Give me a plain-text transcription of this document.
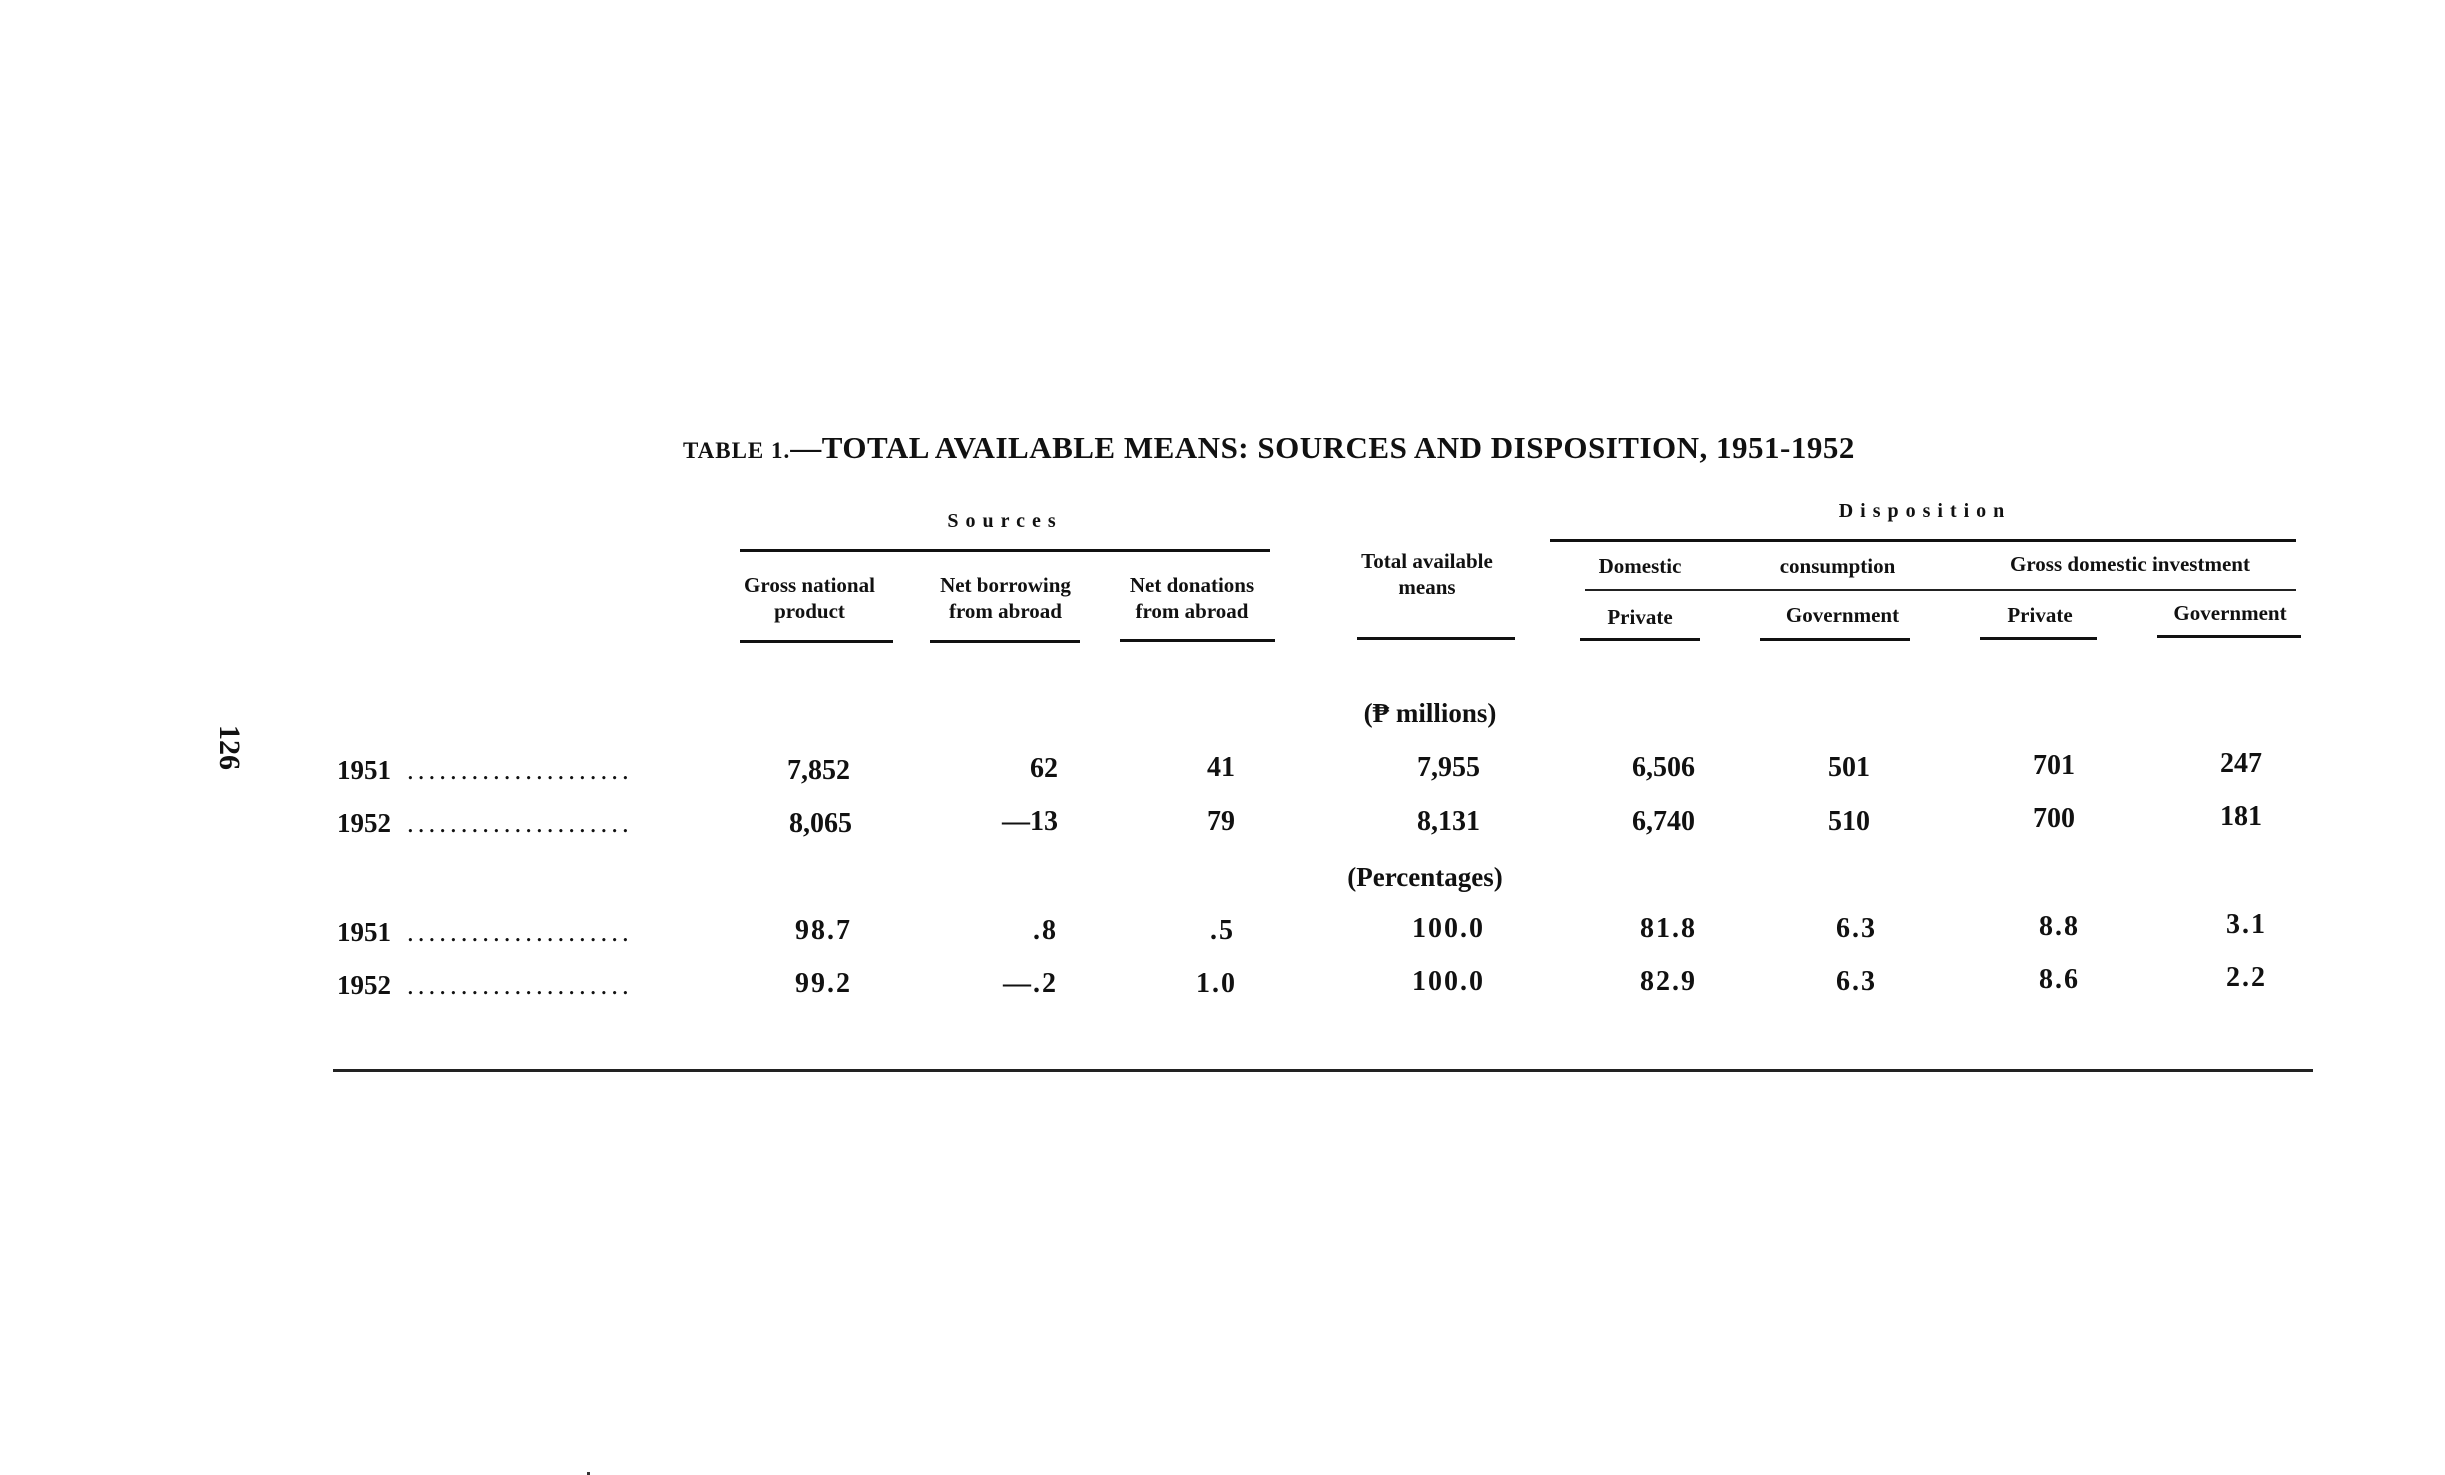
126
TABLE 1.—TOTAL AVAILABLE MEANS: SOURCES AND DISPOSITION, 1951-1952
Sources	Disposition
Domestic	consumption	Gross domestic investment
Gross national product
Net borrowing from abroad
Net donations from abroad
Total available means
Private	Government	Private	Government
(₱ millions)
1951 .....................	7,852	62	41	7,955	6,506	501	701	247
1952 .....................	8,065	—13	79	8,131	6,740	510	700	181
(Percentages)
1951 .....................	98.7	.8	.5	100.0	81.8	6.3	8.8	3.1
1952 .....................	99.2	—.2	1.0	100.0	82.9	6.3	8.6	2.2
